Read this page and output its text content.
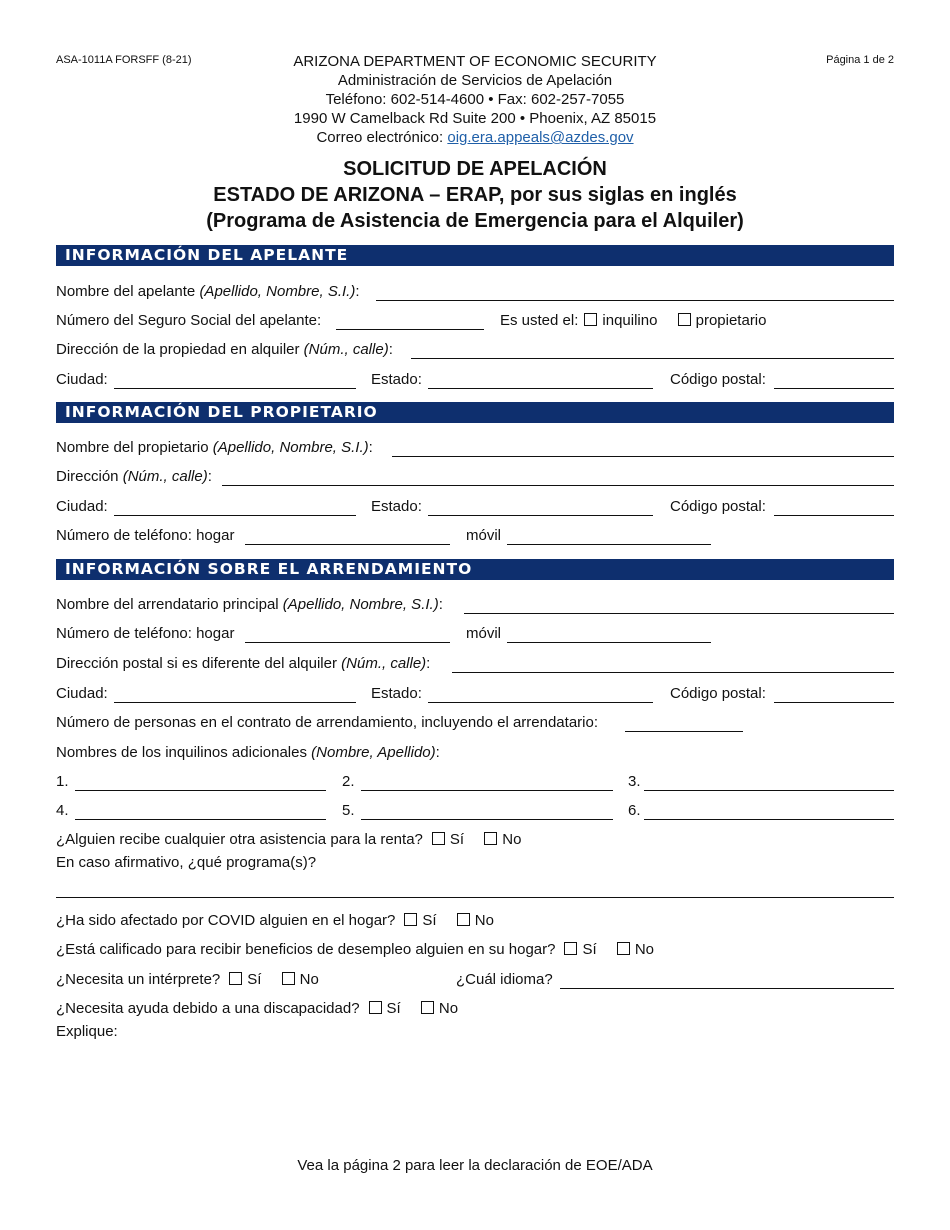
ASA-1011A FORSFF (8-21)	Página 1 de 2
ARIZONA DEPARTMENT OF ECONOMIC SECURITY
Administración de Servicios de Apelación
Teléfono: 602-514-4600 • Fax: 602-257-7055
1990 W Camelback Rd Suite 200 • Phoenix, AZ 85015
Correo electrónico: oig.era.appeals@azdes.gov
SOLICITUD DE APELACIÓN
ESTADO DE ARIZONA – ERAP, por sus siglas en inglés
(Programa de Asistencia de Emergencia para el Alquiler)
INFORMACIÓN DEL APELANTE
Nombre del apelante (Apellido, Nombre, S.I.):
Número del Seguro Social del apelante:	Es usted el: inquilino	propietario
Dirección de la propiedad en alquiler (Núm., calle):
Ciudad:	Estado:	Código postal:
INFORMACIÓN DEL PROPIETARIO
Nombre del propietario (Apellido, Nombre, S.I.):
Dirección (Núm., calle):
Ciudad:	Estado:	Código postal:
Número de teléfono: hogar	móvil
INFORMACIÓN SOBRE EL ARRENDAMIENTO
Nombre del arrendatario principal (Apellido, Nombre, S.I.):
Número de teléfono: hogar	móvil
Dirección postal si es diferente del alquiler (Núm., calle):
Ciudad:	Estado:	Código postal:
Número de personas en el contrato de arrendamiento, incluyendo el arrendatario:
Nombres de los inquilinos adicionales (Nombre, Apellido):
1.	2.	3.
4.	5.	6.
¿Alguien recibe cualquier otra asistencia para la renta? Sí	No
En caso afirmativo, ¿qué programa(s)?
¿Ha sido afectado por COVID alguien en el hogar? Sí	No
¿Está calificado para recibir beneficios de desempleo alguien en su hogar? Sí	No
¿Necesita un intérprete? Sí	No	¿Cuál idioma?
¿Necesita ayuda debido a una discapacidad? Sí	No
Explique:
Vea la página 2 para leer la declaración de EOE/ADA
